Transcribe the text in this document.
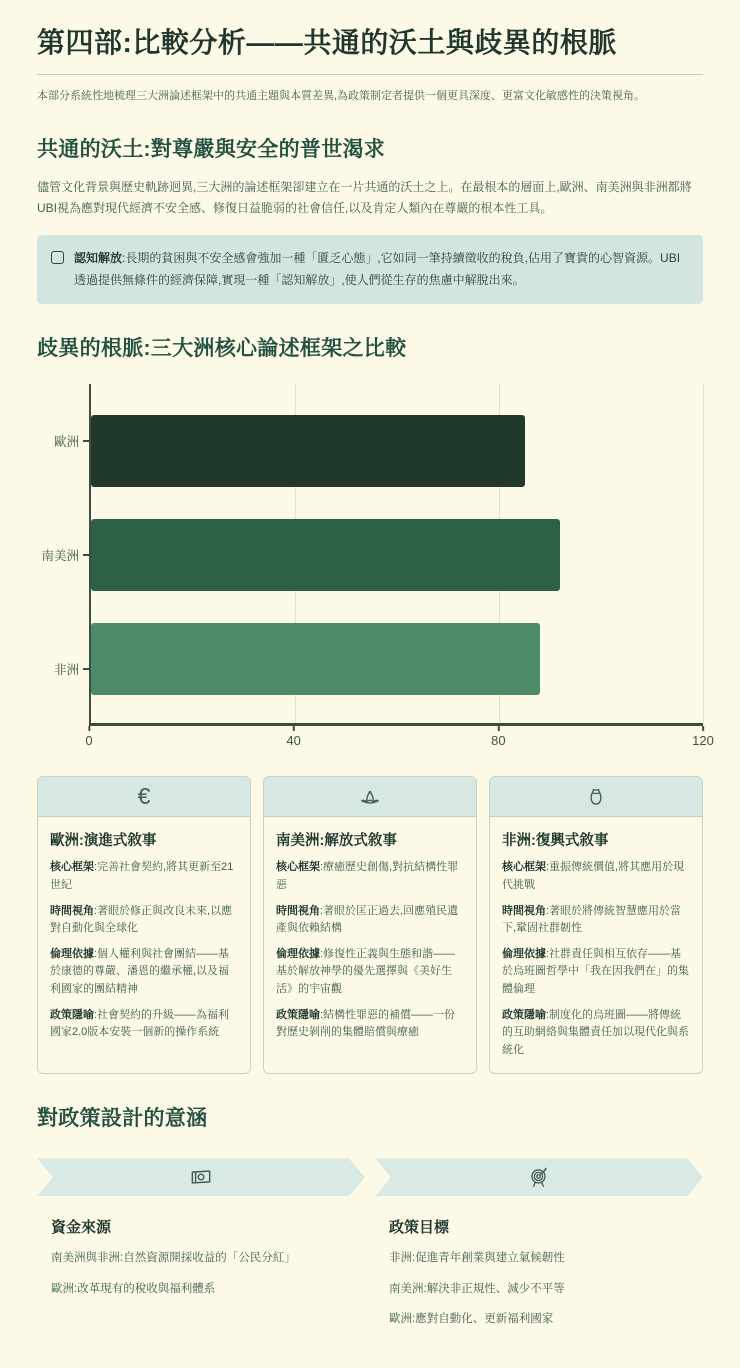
第四部:比較分析——共通的沃土與歧異的根脈

本部分系統性地梳理三大洲論述框架中的共通主題與本質差異,為政策制定者提供一個更具深度、更富文化敏感性的決策視角。

共通的沃土:對尊嚴與安全的普世渴求

儘管文化背景與歷史軌跡迥異,三大洲的論述框架卻建立在一片共通的沃土之上。在最根本的層面上,歐洲、南美洲與非洲都將UBI視為應對現代經濟不安全感、修復日益脆弱的社會信任,以及肯定人類內在尊嚴的根本性工具。

認知解放:長期的貧困與不安全感會強加一種「匱乏心態」,它如同一筆持續徵收的稅負,佔用了寶貴的心智資源。UBI透過提供無條件的經濟保障,實現一種「認知解放」,使人們從生存的焦慮中解脫出來。

歧異的根脈:三大洲核心論述框架之比較
歐洲
南美洲
非洲
0	40	80	120
€
歐洲:演進式敘事

核心框架:完善社會契約,將其更新至21世紀

時間視角:著眼於修正與改良未來,以應對自動化與全球化

倫理依據:個人權利與社會團結——基於康德的尊嚴、潘恩的繼承權,以及福利國家的團結精神

政策隱喻:社會契約的升級——為福利國家2.0版本安裝一個新的操作系統

南美洲:解放式敘事

核心框架:療癒歷史創傷,對抗結構性罪惡

時間視角:著眼於匡正過去,回應殖民遺產與依賴結構

倫理依據:修復性正義與生態和諧——基於解放神學的優先選擇與《美好生活》的宇宙觀

政策隱喻:結構性罪惡的補償——一份對歷史剝削的集體賠償與療癒

非洲:復興式敘事

核心框架:重振傳統價值,將其應用於現代挑戰

時間視角:著眼於將傳統智慧應用於當下,鞏固社群韌性

倫理依據:社群責任與相互依存——基於烏班圖哲學中「我在因我們在」的集體倫理

政策隱喻:制度化的烏班圖——將傳統的互助網絡與集體責任加以現代化與系統化

對政策設計的意涵
資金來源

南美洲與非洲:自然資源開採收益的「公民分紅」

歐洲:改革現有的稅收與福利體系

政策目標

非洲:促進青年創業與建立氣候韌性

南美洲:解決非正規性、減少不平等

歐洲:應對自動化、更新福利國家
